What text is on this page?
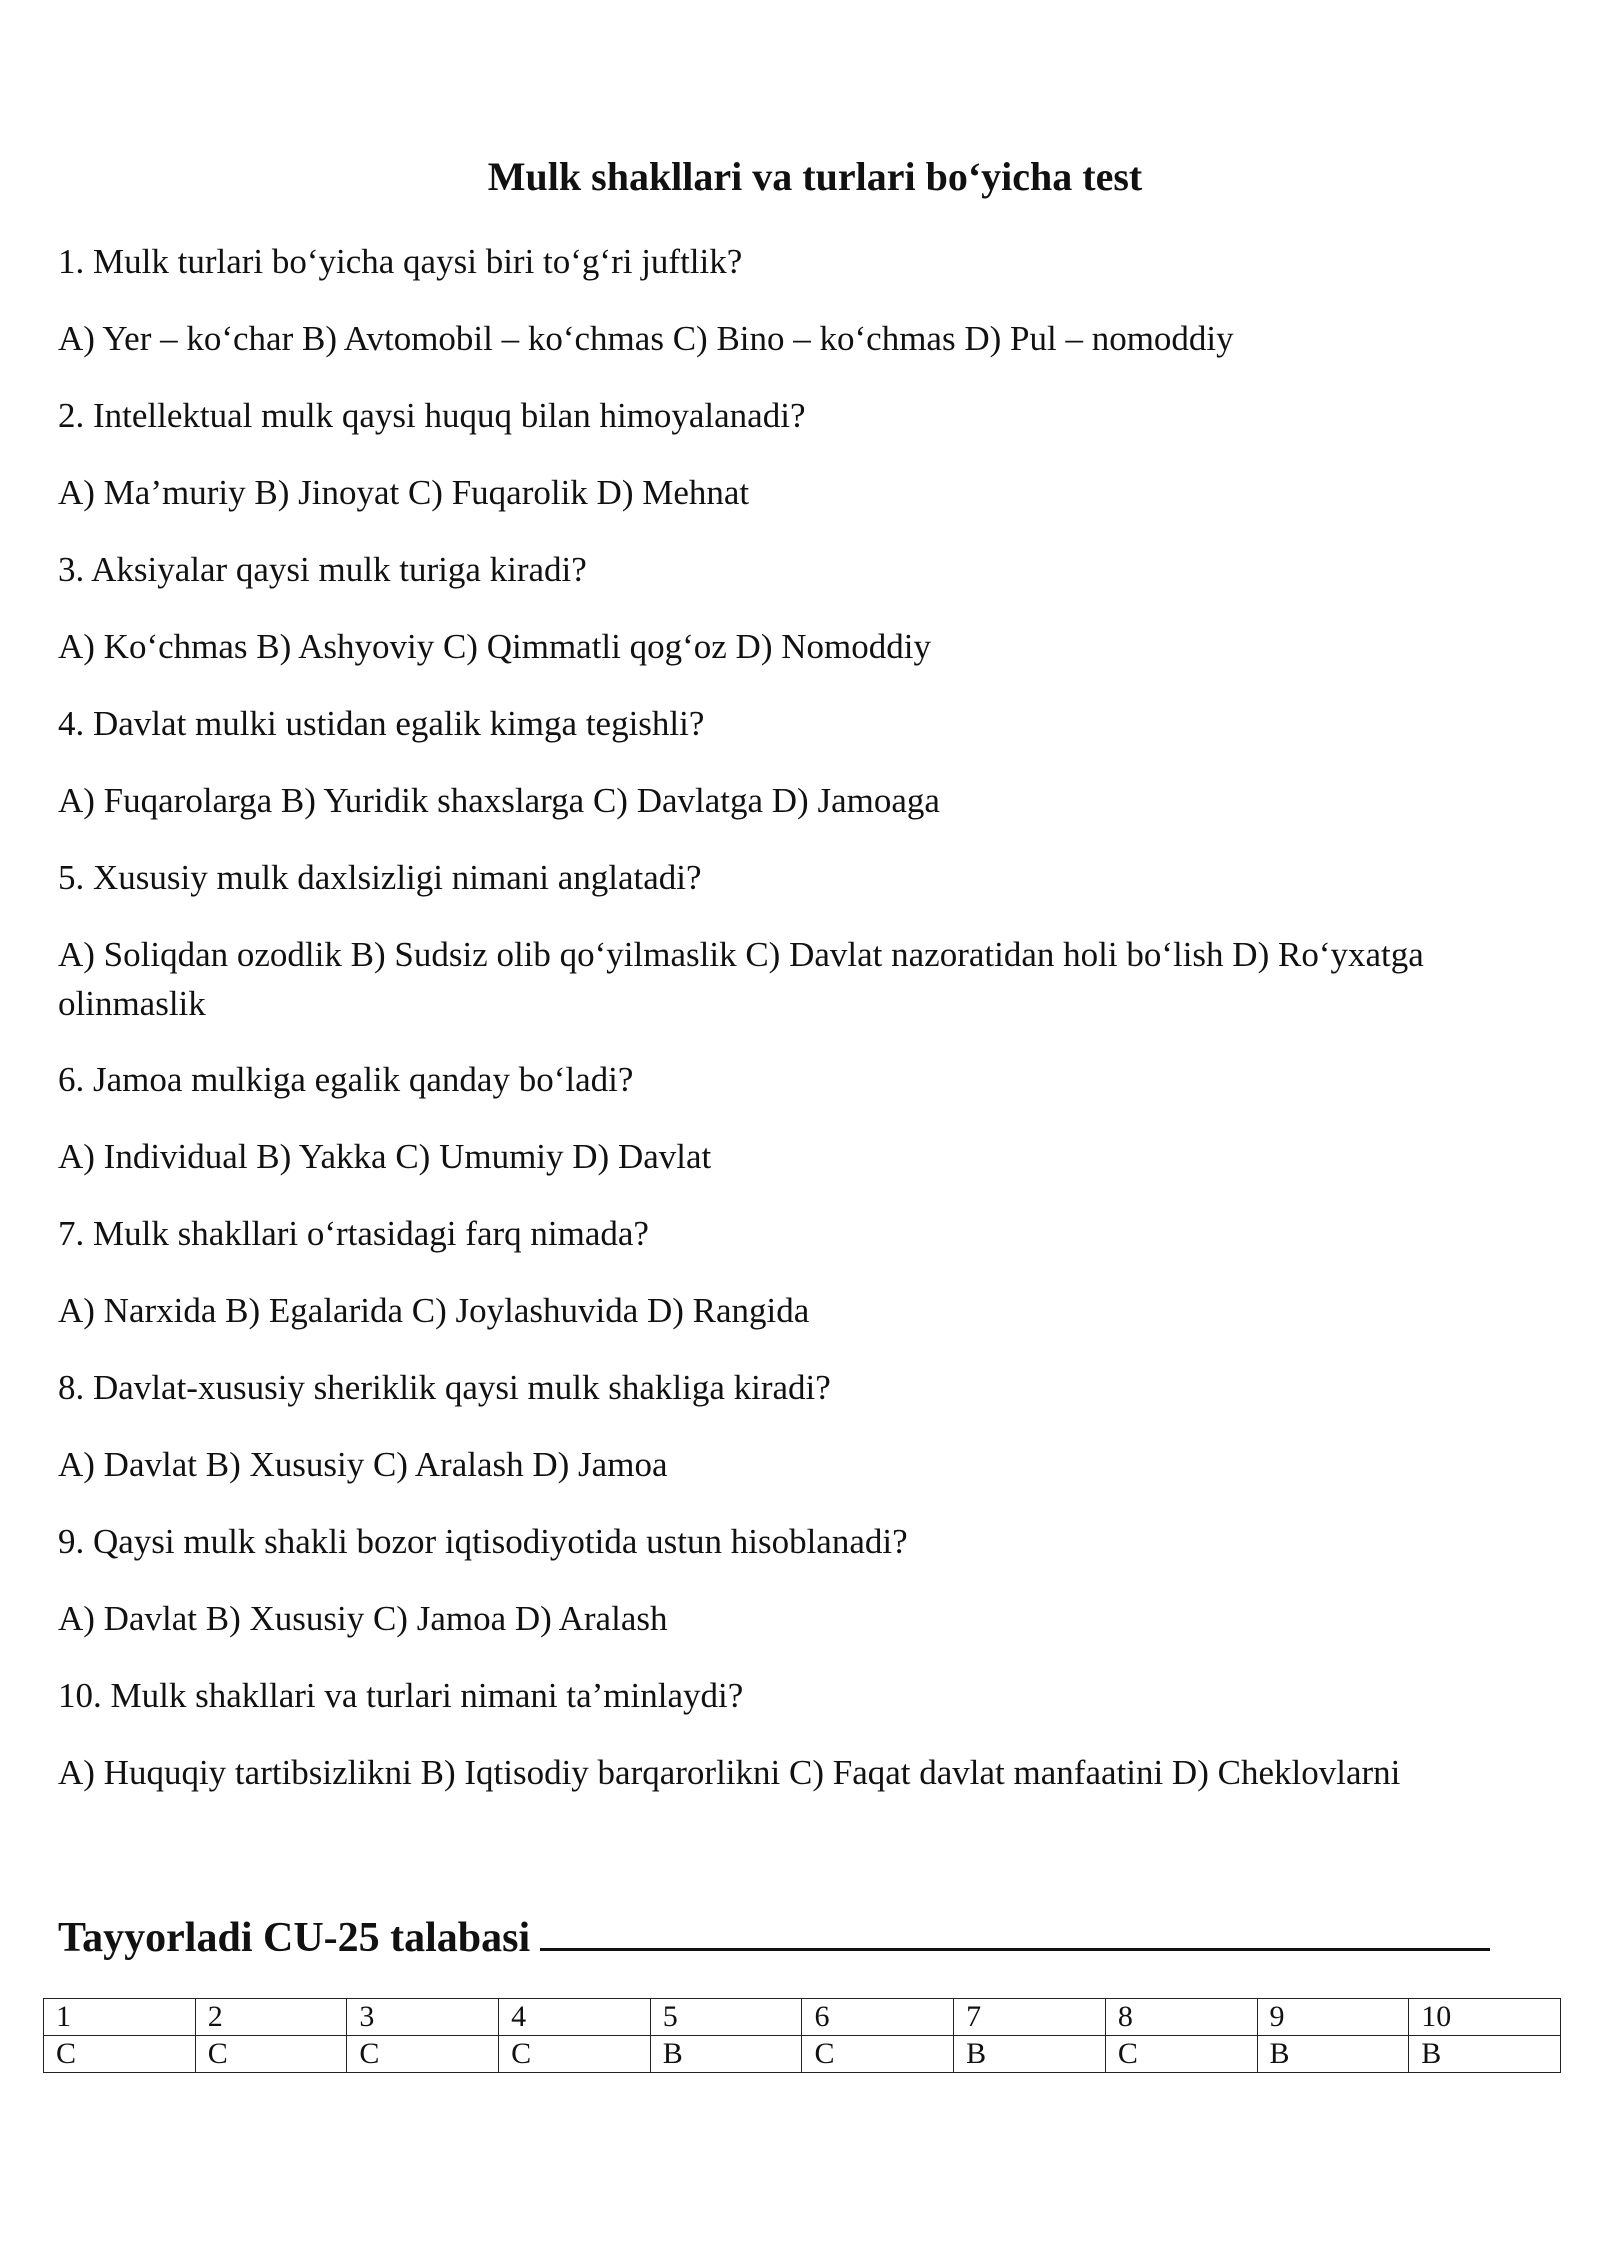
Mulk shakllari va turlari bo‘yicha test

1. Mulk turlari bo‘yicha qaysi biri to‘g‘ri juftlik?

A) Yer – ko‘char B) Avtomobil – ko‘chmas C) Bino – ko‘chmas D) Pul – nomoddiy

2. Intellektual mulk qaysi huquq bilan himoyalanadi?

A) Ma’muriy B) Jinoyat C) Fuqarolik D) Mehnat

3. Aksiyalar qaysi mulk turiga kiradi?

A) Ko‘chmas B) Ashyoviy C) Qimmatli qog‘oz D) Nomoddiy

4. Davlat mulki ustidan egalik kimga tegishli?

A) Fuqarolarga B) Yuridik shaxslarga C) Davlatga D) Jamoaga

5. Xususiy mulk daxlsizligi nimani anglatadi?

A) Soliqdan ozodlik B) Sudsiz olib qo‘yilmaslik C) Davlat nazoratidan holi bo‘lish D) Ro‘yxatga olinmaslik

6. Jamoa mulkiga egalik qanday bo‘ladi?

A) Individual B) Yakka C) Umumiy D) Davlat

7. Mulk shakllari o‘rtasidagi farq nimada?

A) Narxida B) Egalarida C) Joylashuvida D) Rangida

8. Davlat-xususiy sheriklik qaysi mulk shakliga kiradi?

A) Davlat B) Xususiy C) Aralash D) Jamoa

9. Qaysi mulk shakli bozor iqtisodiyotida ustun hisoblanadi?

A) Davlat B) Xususiy C) Jamoa D) Aralash

10. Mulk shakllari va turlari nimani ta’minlaydi?

A) Huquqiy tartibsizlikni B) Iqtisodiy barqarorlikni C) Faqat davlat manfaatini D) Cheklovlarni

Tayyorladi CU-25 talabasi
1	2	3	4	5	6	7	8	9	10
C	C	C	C	B	C	B	C	B	B
